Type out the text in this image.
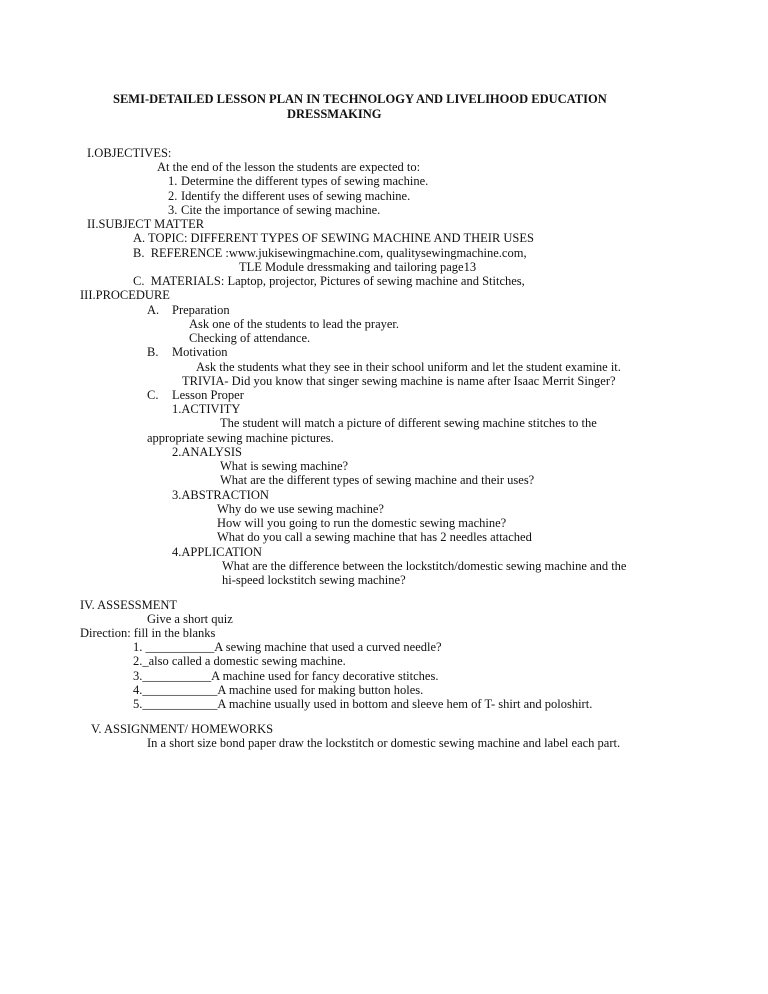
SEMI-DETAILED LESSON PLAN IN TECHNOLOGY AND LIVELIHOOD EDUCATION
DRESSMAKING
I.OBJECTIVES:
At the end of the lesson the students are expected to:
1. Determine the different types of sewing machine.
2. Identify the different uses of sewing machine.
3. Cite the importance of sewing machine.
II.SUBJECT MATTER
A. TOPIC: DIFFERENT TYPES OF SEWING MACHINE AND THEIR USES
B.  REFERENCE :www.jukisewingmachine.com, qualitysewingmachine.com,
TLE Module dressmaking and tailoring page13
C.  MATERIALS: Laptop, projector, Pictures of sewing machine and Stitches,
III.PROCEDURE
A. Preparation
Ask one of the students to lead the prayer.
Checking of attendance.
B. Motivation
Ask the students what they see in their school uniform and let the student examine it.
TRIVIA- Did you know that singer sewing machine is name after Isaac Merrit Singer?
C. Lesson Proper
1.ACTIVITY
The student will match a picture of different sewing machine stitches to the
appropriate sewing machine pictures.
2.ANALYSIS
What is sewing machine?
What are the different types of sewing machine and their uses?
3.ABSTRACTION
Why do we use sewing machine?
How will you going to run the domestic sewing machine?
What do you call a sewing machine that has 2 needles attached
4.APPLICATION
What are the difference between the lockstitch/domestic sewing machine and the
hi-speed lockstitch sewing machine?
IV. ASSESSMENT
Give a short quiz
Direction: fill in the blanks
1. ___________A sewing machine that used a curved needle?
2._also called a domestic sewing machine.
3.___________A machine used for fancy decorative stitches.
4.____________A machine used for making button holes.
5.____________A machine usually used in bottom and sleeve hem of T- shirt and poloshirt.
V. ASSIGNMENT/ HOMEWORKS
In a short size bond paper draw the lockstitch or domestic sewing machine and label each part.
